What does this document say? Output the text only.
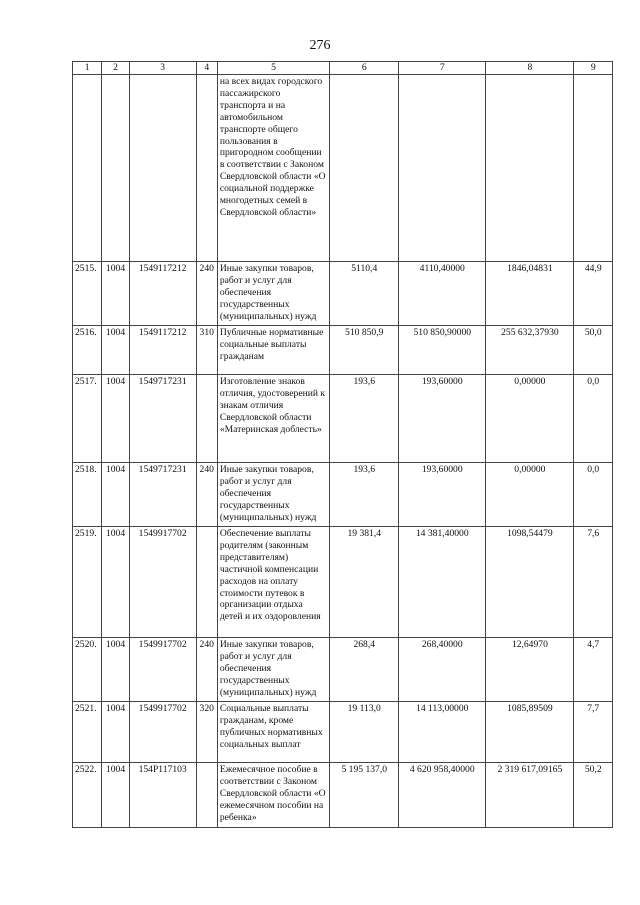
276
1	2	3	4	5	6	7	8	9
				на всех видах городского пассажирского транспорта и на автомобильном транспорте общего пользования в пригородном сообщении в соответствии с Законом Свердловской области «О социальной поддержке многодетных семей в Свердловской области»				
2515.	1004	1549117212	240	Иные закупки товаров, работ и услуг для обеспечения государственных (муниципальных) нужд	5110,4	4110,40000	1846,04831	44,9
2516.	1004	1549117212	310	Публичные нормативные социальные выплаты гражданам	510 850,9	510 850,90000	255 632,37930	50,0
2517.	1004	1549717231		Изготовление знаков отличия, удостоверений к знакам отличия Свердловской области «Материнская доблесть»	193,6	193,60000	0,00000	0,0
2518.	1004	1549717231	240	Иные закупки товаров, работ и услуг для обеспечения государственных (муниципальных) нужд	193,6	193,60000	0,00000	0,0
2519.	1004	1549917702		Обеспечение выплаты родителям (законным представителям) частичной компенсации расходов на оплату стоимости путевок в организации отдыха детей и их оздоровления	19 381,4	14 381,40000	1098,54479	7,6
2520.	1004	1549917702	240	Иные закупки товаров, работ и услуг для обеспечения государственных (муниципальных) нужд	268,4	268,40000	12,64970	4,7
2521.	1004	1549917702	320	Социальные выплаты гражданам, кроме публичных нормативных социальных выплат	19 113,0	14 113,00000	1085,89509	7,7
2522.	1004	154P117103		Ежемесячное пособие в соответствии с Законом Свердловской области «О ежемесячном пособии на ребенка»	5 195 137,0	4 620 958,40000	2 319 617,09165	50,2
